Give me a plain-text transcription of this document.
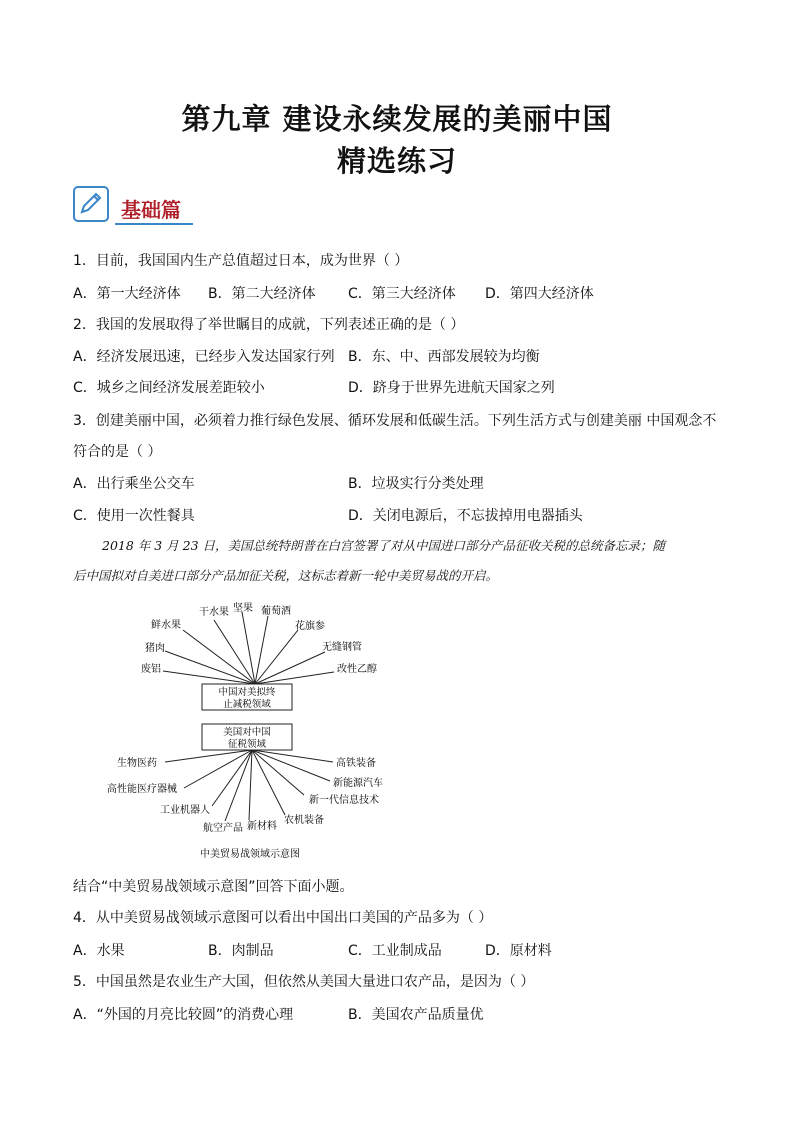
第九章 建设永续发展的美丽中国
精选练习
基础篇
1．目前，我国国内生产总值超过日本，成为世界（ ）
A．第一大经济体 B．第二大经济体 C．第三大经济体 D．第四大经济体
2．我国的发展取得了举世瞩目的成就，下列表述正确的是（ ）
A．经济发展迅速，已经步入发达国家行列 B．东、中、西部发展较为均衡
C．城乡之间经济发展差距较小	D．跻身于世界先进航天国家之列
3．创建美丽中国，必须着力推行绿色发展、循环发展和低碳生活。下列生活方式与创建美丽 中国观念不
符合的是（ ）
A．出行乘坐公交车	B．垃圾实行分类处理
C．使用一次性餐具	D．关闭电源后，不忘拔掉用电器插头
2018 年 3 月 23 日，美国总统特朗普在白宫签署了对从中国进口部分产品征收关税的总统备忘录；随
后中国拟对自美进口部分产品加征关税，这标志着新一轮中美贸易战的开启。
中国对美拟终
止减税领域
美国对中国
征税领域
干水果 坚果 葡萄酒
鲜水果	花旗参
猪肉	无缝钢管
废铝	改性乙醇
生物医药	高铁装备
高性能医疗器械
新能源汽车
工业机器人
新一代信息技术
航空产品 新材料
农机装备
中美贸易战领域示意图
结合“中美贸易战领域示意图”回答下面小题。
4．从中美贸易战领域示意图可以看出中国出口美国的产品多为（ ）
A．水果	B．肉制品	C．工业制成品	D．原材料
5．中国虽然是农业生产大国，但依然从美国大量进口农产品，是因为（ ）
A．“外国的月亮比较圆”的消费心理	B．美国农产品质量优
